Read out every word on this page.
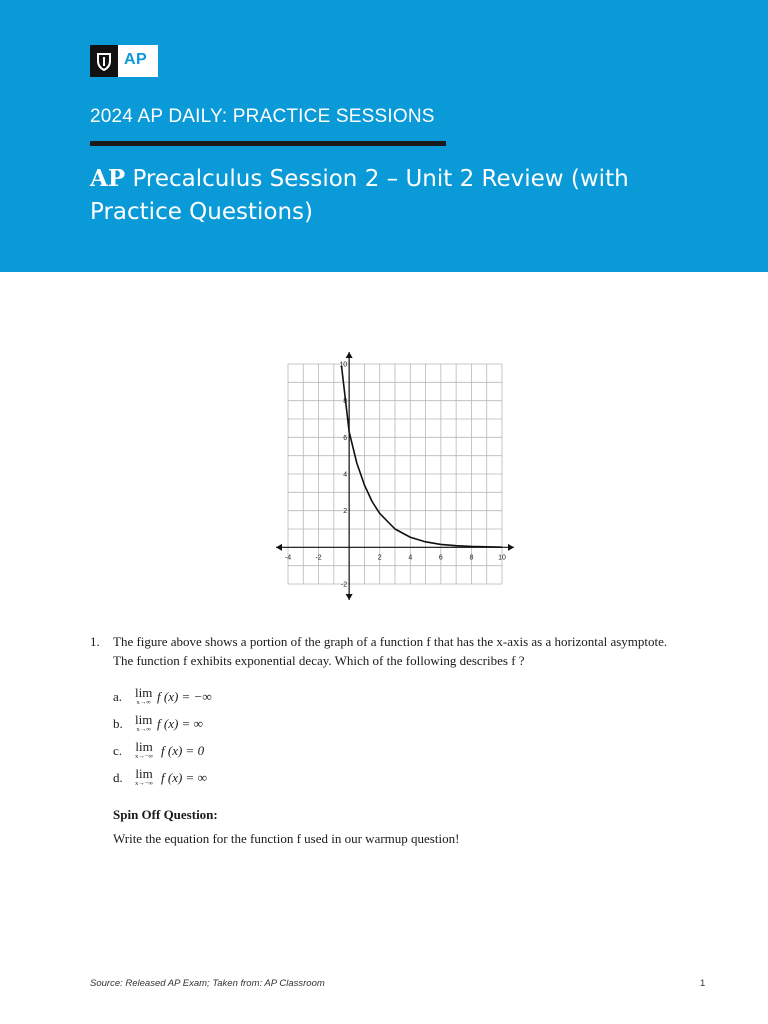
AP
2024 AP DAILY: PRACTICE SESSIONS
AP Precalculus Session 2 – Unit 2 Review (with Practice Questions)
-4	-2	2	4	6	8	10
10
8
6
4
2
-2
1. The figure above shows a portion of the graph of a function f that has the x-axis as a horizontal asymptote. The function f exhibits exponential decay. Which of the following describes f ?
a. lim
x→∞ f (x) = −∞
b. lim
x→∞ f (x) = ∞
c. lim
x→−∞ f (x) = 0
d. lim
x→−∞ f (x) = ∞
Spin Off Question:
Write the equation for the function f used in our warmup question!
Source: Released AP Exam; Taken from: AP Classroom	1
